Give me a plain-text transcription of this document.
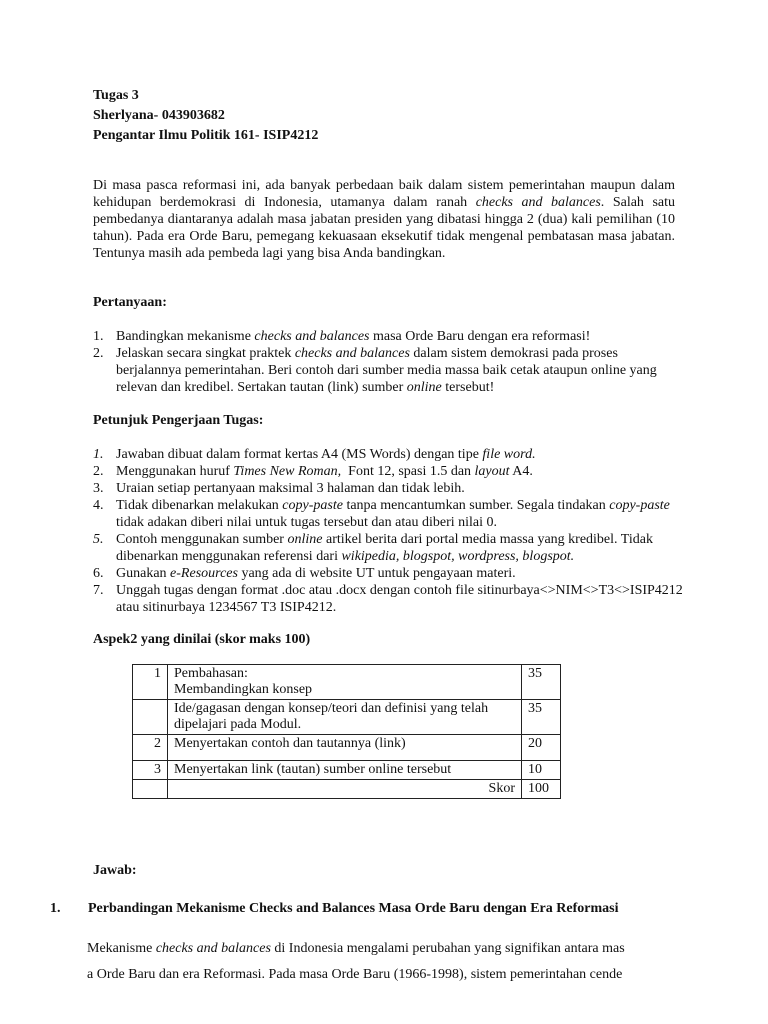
Tugas 3
Sherlyana- 043903682
Pengantar Ilmu Politik 161- ISIP4212
Di masa pasca reformasi ini, ada banyak perbedaan baik dalam sistem pemerintahan maupun dalam kehidupan berdemokrasi di Indonesia, utamanya dalam ranah checks and balances. Salah satu pembedanya diantaranya adalah masa jabatan presiden yang dibatasi hingga 2 (dua) kali pemilihan (10 tahun). Pada era Orde Baru, pemegang kekuasaan eksekutif tidak mengenal pembatasan masa jabatan. Tentunya masih ada pembeda lagi yang bisa Anda bandingkan.
Pertanyaan:
1. Bandingkan mekanisme checks and balances masa Orde Baru dengan era reformasi!
2. Jelaskan secara singkat praktek checks and balances dalam sistem demokrasi pada proses berjalannya pemerintahan. Beri contoh dari sumber media massa baik cetak ataupun online yang relevan dan kredibel. Sertakan tautan (link) sumber online tersebut!
Petunjuk Pengerjaan Tugas:
1. Jawaban dibuat dalam format kertas A4 (MS Words) dengan tipe file word.
2. Menggunakan huruf Times New Roman,  Font 12, spasi 1.5 dan layout A4.
3. Uraian setiap pertanyaan maksimal 3 halaman dan tidak lebih.
4. Tidak dibenarkan melakukan copy-paste tanpa mencantumkan sumber. Segala tindakan copy-paste tidak adakan diberi nilai untuk tugas tersebut dan atau diberi nilai 0.
5. Contoh menggunakan sumber online artikel berita dari portal media massa yang kredibel. Tidak dibenarkan menggunakan referensi dari wikipedia, blogspot, wordpress, blogspot.
6. Gunakan e-Resources yang ada di website UT untuk pengayaan materi.
7. Unggah tugas dengan format .doc atau .docx dengan contoh file sitinurbaya<>NIM<>T3<>ISIP4212 atau sitinurbaya 1234567 T3 ISIP4212.
Aspek2 yang dinilai (skor maks 100)
1	Pembahasan:
Membandingkan konsep	35
	Ide/gagasan dengan konsep/teori dan definisi yang telah dipelajari pada Modul.	35
2	Menyertakan contoh dan tautannya (link)	20
3	Menyertakan link (tautan) sumber online tersebut	10
	Skor	100
Jawab:
1. Perbandingan Mekanisme Checks and Balances Masa Orde Baru dengan Era Reformasi
Mekanisme checks and balances di Indonesia mengalami perubahan yang signifikan antara mas
a Orde Baru dan era Reformasi. Pada masa Orde Baru (1966-1998), sistem pemerintahan cende
